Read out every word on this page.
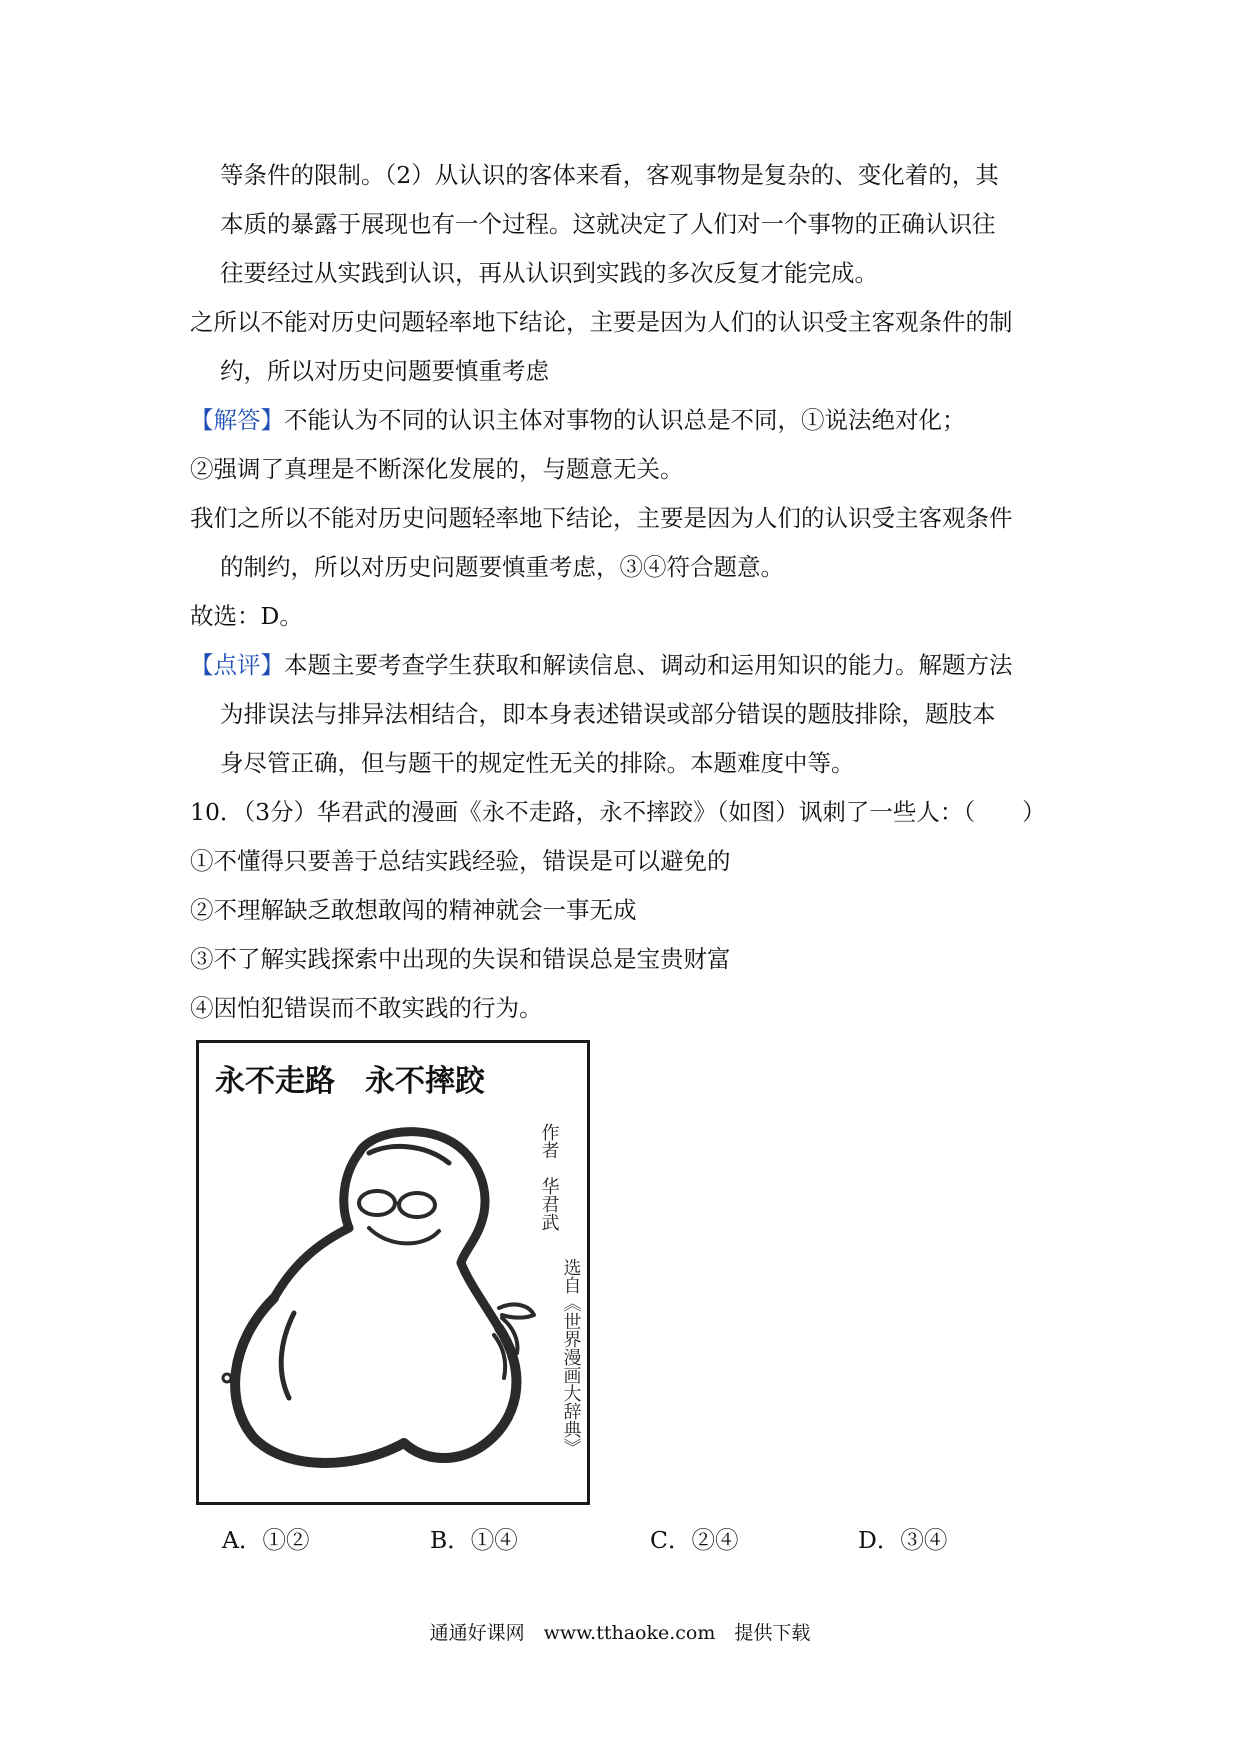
等条件的限制。（2）从认识的客体来看，客观事物是复杂的、变化着的，其
本质的暴露于展现也有一个过程。这就决定了人们对一个事物的正确认识往
往要经过从实践到认识，再从认识到实践的多次反复才能完成。
之所以不能对历史问题轻率地下结论，主要是因为人们的认识受主客观条件的制
约，所以对历史问题要慎重考虑
【解答】不能认为不同的认识主体对事物的认识总是不同，①说法绝对化；
②强调了真理是不断深化发展的，与题意无关。
我们之所以不能对历史问题轻率地下结论，主要是因为人们的认识受主客观条件
的制约，所以对历史问题要慎重考虑，③④符合题意。
故选：D。
【点评】本题主要考查学生获取和解读信息、调动和运用知识的能力。解题方法
为排误法与排异法相结合，即本身表述错误或部分错误的题肢排除，题肢本
身尽管正确，但与题干的规定性无关的排除。本题难度中等。
10．（3分）华君武的漫画《永不走路，永不摔跤》（如图）讽刺了一些人：（　　）
①不懂得只要善于总结实践经验，错误是可以避免的
②不理解缺乏敢想敢闯的精神就会一事无成
③不了解实践探索中出现的失误和错误总是宝贵财富
④因怕犯错误而不敢实践的行为。
永不走路　永不摔跤
作者　华君武
选自《世界漫画大辞典》
A．①②	B．①④	C．②④	D．③④
通通好课网　www.tthaoke.com　提供下载
